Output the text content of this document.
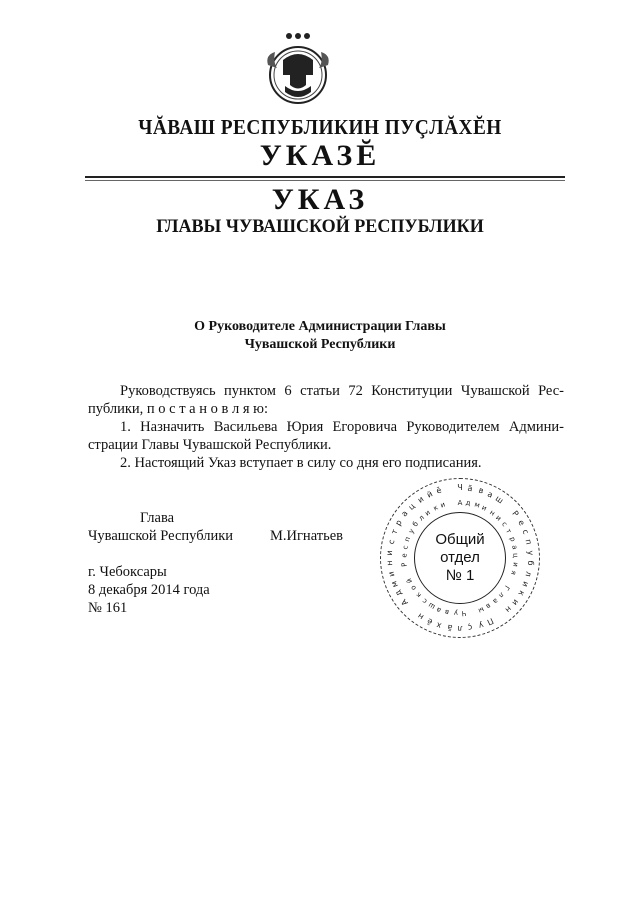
ЧĂВАШ РЕСПУБЛИКИН ПУÇЛĂХĔН
УКАЗĔ
УКАЗ
ГЛАВЫ ЧУВАШСКОЙ РЕСПУБЛИКИ
О Руководителе Администрации Главы
Чувашской Республики
Руководствуясь пунктом 6 статьи 72 Конституции Чувашской Рес-
публики, п о с т а н о в л я ю:
1. Назначить Васильева Юрия Егоровича Руководителем Админи-
страции Главы Чувашской Республики.
2. Настоящий Указ вступает в силу со дня его подписания.
Глава
Чувашской Республики	М.Игнатьев
г. Чебоксары
8 декабря 2014 года
№ 161
Ч ă в а ш
Р
е
с
п
у
б
л
и
к
и
н
П
у
ç
л
ă
х
ĕ
н
А
д
м
и
н
и
с
т
р
а
ц
и
й ĕ
А д м и н
и
с
т
р
а
ц
и
я
Г
л
а
в
ы
Ч
у
в
а
ш
с
к
о
й
Р
е
с
п
у
б
л
и к и
Общий
отдел
№ 1
